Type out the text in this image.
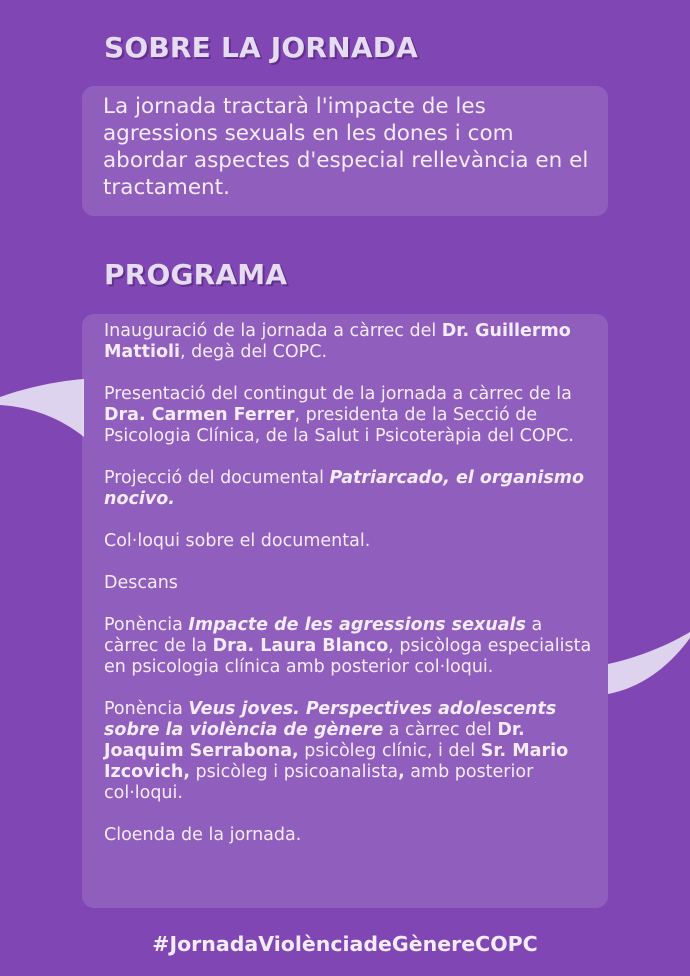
SOBRE LA JORNADA

La jornada tractarà l'impacte de les agressions sexuals en les dones i com abordar aspectes d'especial rellevància en el tractament.

PROGRAMA

Inauguració de la jornada a càrrec del Dr. Guillermo Mattioli, degà del COPC.

Presentació del contingut de la jornada a càrrec de la Dra. Carmen Ferrer, presidenta de la Secció de Psicologia Clínica, de la Salut i Psicoteràpia del COPC.

Projecció del documental Patriarcado, el organismo nocivo.

Col·loqui sobre el documental.

Descans

Ponència Impacte de les agressions sexuals a càrrec de la Dra. Laura Blanco, psicòloga especialista en psicologia clínica amb posterior col·loqui.

Ponència Veus joves. Perspectives adolescents sobre la violència de gènere a càrrec del Dr. Joaquim Serrabona, psicòleg clínic, i del Sr. Mario Izcovich, psicòleg i psicoanalista, amb posterior col·loqui.

Cloenda de la jornada.

#JornadaViolènciadeGènereCOPC
